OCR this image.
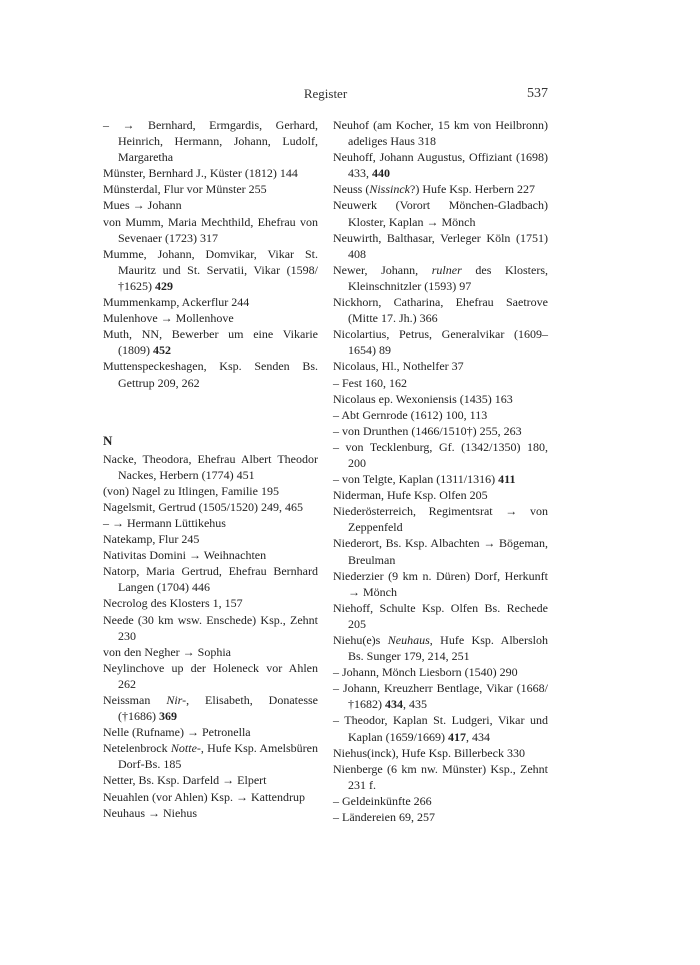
Register	537

– → Bernhard, Ermgardis, Gerhard, Heinrich, Hermann, Johann, Ludolf, Margaretha

Münster, Bernhard J., Küster (1812) 144

Münsterdal, Flur vor Münster 255

Mues → Johann

von Mumm, Maria Mechthild, Ehefrau von Sevenaer (1723) 317

Mumme, Johann, Domvikar, Vikar St. Mauritz und St. Servatii, Vikar (1598/†1625) 429

Mummenkamp, Ackerflur 244

Mulenhove → Mollenhove

Muth, NN, Bewerber um eine Vikarie (1809) 452

Muttenspeckeshagen, Ksp. Senden Bs. Gettrup 209, 262

N

Nacke, Theodora, Ehefrau Albert Theodor Nackes, Herbern (1774) 451

(von) Nagel zu Itlingen, Familie 195

Nagelsmit, Gertrud (1505/1520) 249, 465

– → Hermann Lüttikehus

Natekamp, Flur 245

Nativitas Domini → Weihnachten

Natorp, Maria Gertrud, Ehefrau Bernhard Langen (1704) 446

Necrolog des Klosters 1, 157

Neede (30 km wsw. Enschede) Ksp., Zehnt 230

von den Negher → Sophia

Neylinchove up der Holeneck vor Ahlen 262

Neissman Nir-, Elisabeth, Donatesse (†1686) 369

Nelle (Rufname) → Petronella

Netelenbrock Notte-, Hufe Ksp. Amelsbüren Dorf-Bs. 185

Netter, Bs. Ksp. Darfeld → Elpert

Neuahlen (vor Ahlen) Ksp. → Kattendrup

Neuhaus → Niehus

Neuhof (am Kocher, 15 km von Heilbronn) adeliges Haus 318

Neuhoff, Johann Augustus, Offiziant (1698) 433, 440

Neuss (Nissinck?) Hufe Ksp. Herbern 227

Neuwerk (Vorort Mönchen-Gladbach) Kloster, Kaplan → Mönch

Neuwirth, Balthasar, Verleger Köln (1751) 408

Newer, Johann, rulner des Klosters, Kleinschnitzler (1593) 97

Nickhorn, Catharina, Ehefrau Saetrove (Mitte 17. Jh.) 366

Nicolartius, Petrus, Generalvikar (1609–1654) 89

Nicolaus, Hl., Nothelfer 37

– Fest 160, 162

Nicolaus ep. Wexoniensis (1435) 163

– Abt Gernrode (1612) 100, 113

– von Drunthen (1466/1510†) 255, 263

– von Tecklenburg, Gf. (1342/1350) 180, 200

– von Telgte, Kaplan (1311/1316) 411

Niderman, Hufe Ksp. Olfen 205

Niederösterreich, Regimentsrat → von Zeppenfeld

Niederort, Bs. Ksp. Albachten → Bögeman, Breulman

Niederzier (9 km n. Düren) Dorf, Herkunft → Mönch

Niehoff, Schulte Ksp. Olfen Bs. Rechede 205

Niehu(e)s Neuhaus, Hufe Ksp. Albersloh Bs. Sunger 179, 214, 251

– Johann, Mönch Liesborn (1540) 290

– Johann, Kreuzherr Bentlage, Vikar (1668/†1682) 434, 435

– Theodor, Kaplan St. Ludgeri, Vikar und Kaplan (1659/1669) 417, 434

Niehus(inck), Hufe Ksp. Billerbeck 330

Nienberge (6 km nw. Münster) Ksp., Zehnt 231 f.

– Geldeinkünfte 266

– Ländereien 69, 257
